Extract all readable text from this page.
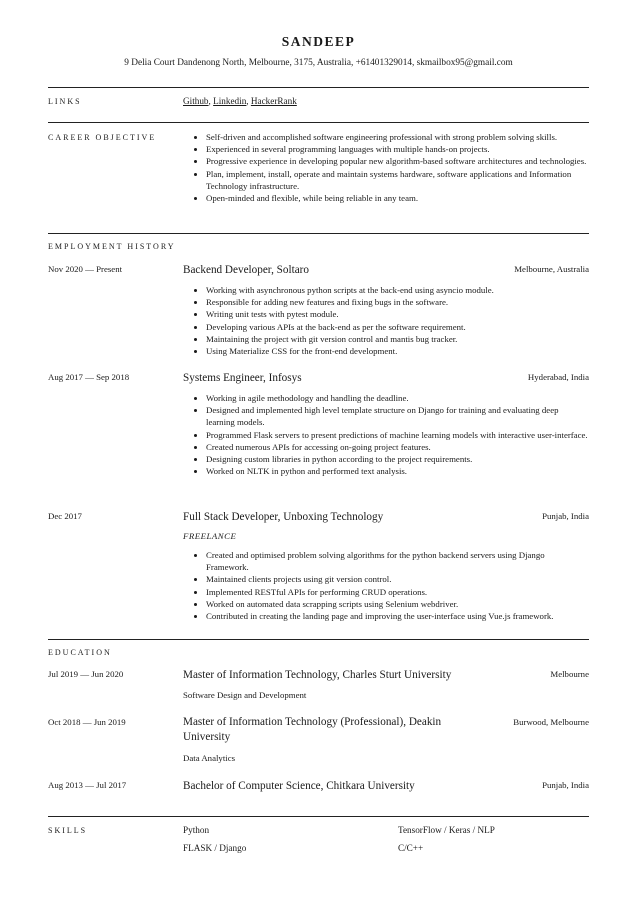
SANDEEP
9 Delia Court Dandenong North, Melbourne, 3175, Australia, +61401329014, skmailbox95@gmail.com
LINKS	Github, Linkedin, HackerRank
CAREER OBJECTIVE
•	Self-driven and accomplished software engineering professional with strong problem solving skills.
• Experienced in several programming languages with multiple hands-on projects.
• Progressive experience in developing popular new algorithm-based software architectures and technologies.
• Plan, implement, install, operate and maintain systems hardware, software applications and Information Technology infrastructure.
• Open-minded and flexible, while being reliable in any team.
EMPLOYMENT HISTORY
Nov 2020 — Present	Backend Developer, Soltaro	Melbourne, Australia
• Working with asynchronous python scripts at the back-end using asyncio module.
• Responsible for adding new features and fixing bugs in the software.
• Writing unit tests with pytest module.
• Developing various APIs at the back-end as per the software requirement.
• Maintaining the project with git version control and mantis bug tracker.
• Using Materialize CSS for the front-end development.
Aug 2017 — Sep 2018	Systems Engineer, Infosys	Hyderabad, India
• Working in agile methodology and handling the deadline.
• Designed and implemented high level template structure on Django for training and evaluating deep learning models.
• Programmed Flask servers to present predictions of machine learning models with interactive user-interface.
• Created numerous APIs for accessing on-going project features.
• Designing custom libraries in python according to the project requirements.
• Worked on NLTK in python and performed text analysis.
Dec 2017	Full Stack Developer, Unboxing Technology	Punjab, India
FREELANCE
• Created and optimised problem solving algorithms for the python backend servers using Django Framework.
• Maintained clients projects using git version control.
• Implemented RESTful APIs for performing CRUD operations.
• Worked on automated data scrapping scripts using Selenium webdriver.
• Contributed in creating the landing page and improving the user-interface using Vue.js framework.
EDUCATION
Jul 2019 — Jun 2020	Master of Information Technology, Charles Sturt University	Melbourne
Software Design and Development
Oct 2018 — Jun 2019	Master of Information Technology (Professional), Deakin University
Burwood, Melbourne
Data Analytics
Aug 2013 — Jul 2017	Bachelor of Computer Science, Chitkara University	Punjab, India
SKILLS	Python	TensorFlow / Keras / NLP
FLASK / Django	C/C++
